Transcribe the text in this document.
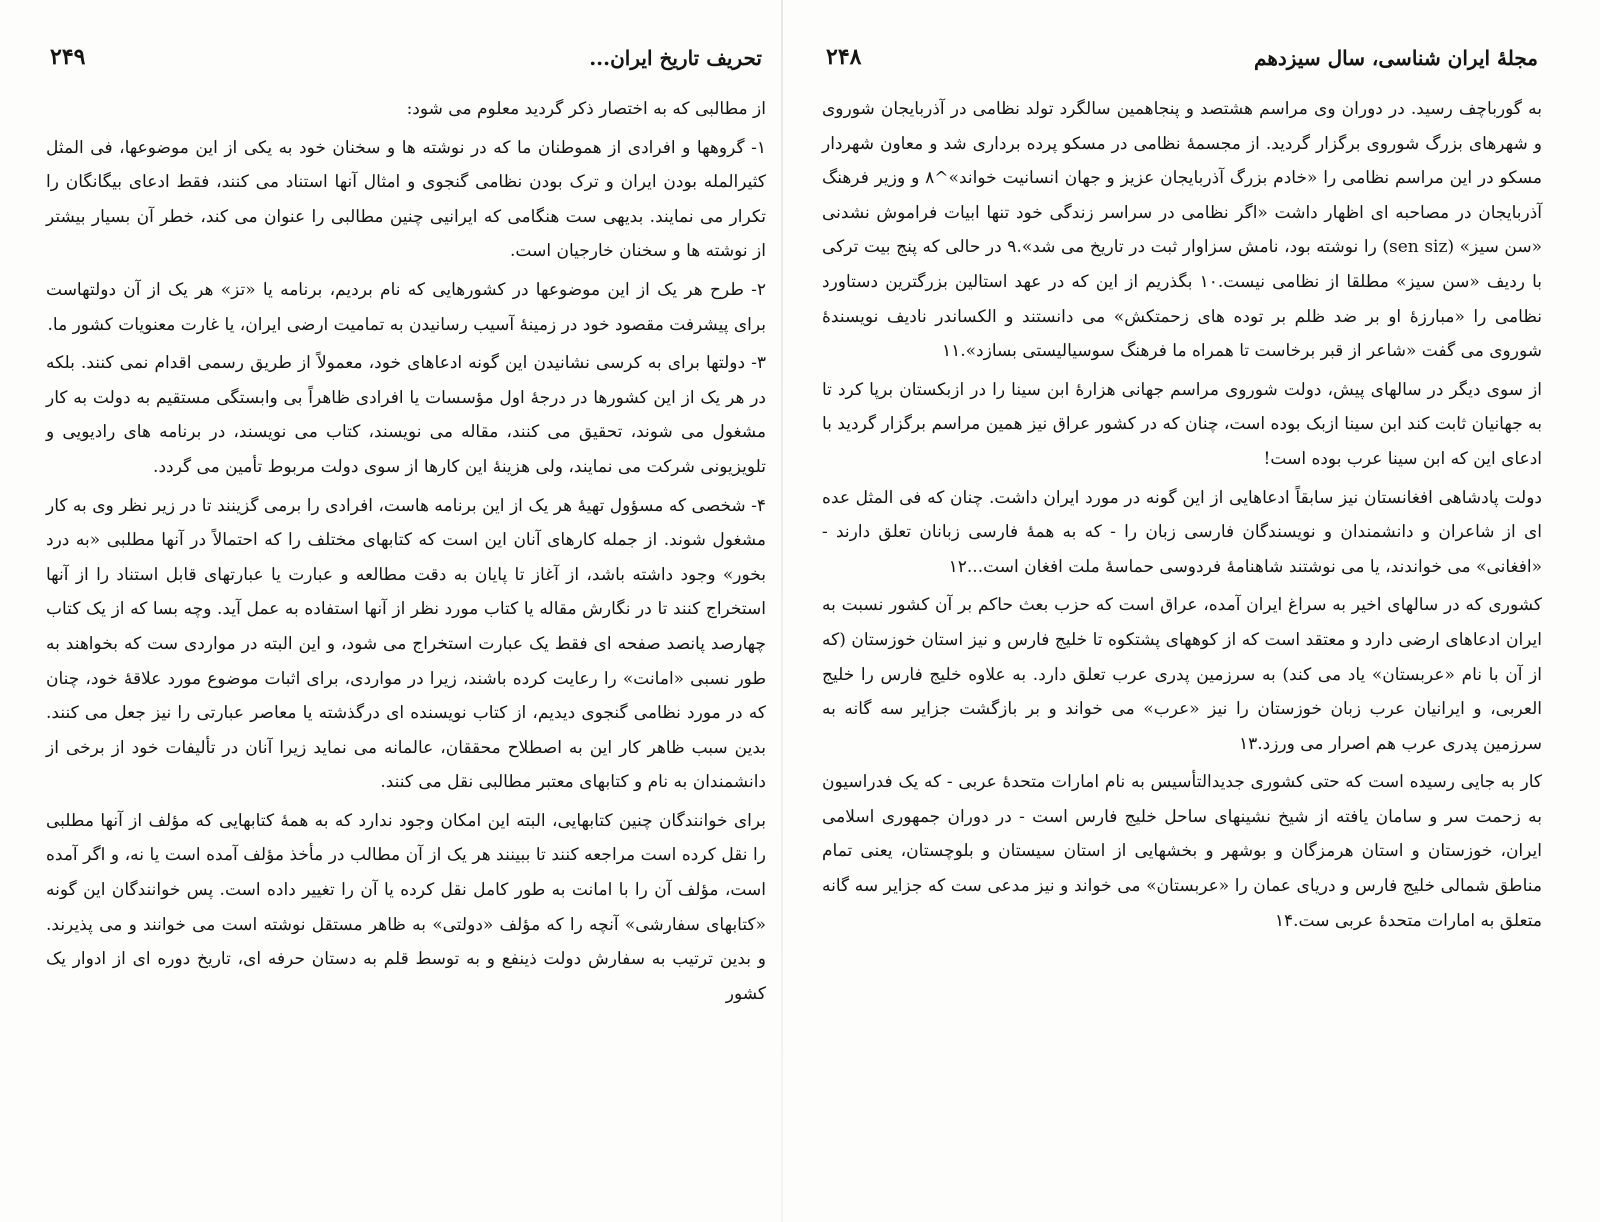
تحریف تاریخ ایران...
۲۴۹

از مطالبی که به اختصار ذکر گردید معلوم می شود:

۱- گروهها و افرادی از هموطنان ما که در نوشته ها و سخنان خود به یکی از این موضوعها، فی المثل کثیرالمله بودن ایران و ترک بودن نظامی گنجوی و امثال آنها استناد می کنند، فقط ادعای بیگانگان را تکرار می نمایند. بدیهی ست هنگامی که ایرانیی چنین مطالبی را عنوان می کند، خطر آن بسیار بیشتر از نوشته ها و سخنان خارجیان است.

۲- طرح هر یک از این موضوعها در کشورهایی که نام بردیم، برنامه یا «تز» هر یک از آن دولتهاست برای پیشرفت مقصود خود در زمینهٔ آسیب رسانیدن به تمامیت ارضی ایران، یا غارت معنویات کشور ما.

۳- دولتها برای به کرسی نشانیدن این گونه ادعاهای خود، معمولاً از طریق رسمی اقدام نمی کنند. بلکه در هر یک از این کشورها در درجهٔ اول مؤسسات یا افرادی ظاهراً بی وابستگی مستقیم به دولت به کار مشغول می شوند، تحقیق می کنند، مقاله می نویسند، کتاب می نویسند، در برنامه های رادیویی و تلویزیونی شرکت می نمایند، ولی هزینهٔ این کارها از سوی دولت مربوط تأمین می گردد.

۴- شخصی که مسؤول تهیهٔ هر یک از این برنامه هاست، افرادی را برمی گزینند تا در زیر نظر وی به کار مشغول شوند. از جمله کارهای آنان این است که کتابهای مختلف را که احتمالاً در آنها مطلبی «به درد بخور» وجود داشته باشد، از آغاز تا پایان به دقت مطالعه و عبارت یا عبارتهای قابل استناد را از آنها استخراج کنند تا در نگارش مقاله یا کتاب مورد نظر از آنها استفاده به عمل آید. وچه بسا که از یک کتاب چهارصد پانصد صفحه ای فقط یک عبارت استخراج می شود، و این البته در مواردی ست که بخواهند به طور نسبی «امانت» را رعایت کرده باشند، زیرا در مواردی، برای اثبات موضوع مورد علاقهٔ خود، چنان که در مورد نظامی گنجوی دیدیم، از کتاب نویسنده ای درگذشته یا معاصر عبارتی را نیز جعل می کنند. بدین سبب ظاهر کار این به اصطلاح محققان، عالمانه می نماید زیرا آنان در تألیفات خود از برخی از دانشمندان به نام و کتابهای معتبر مطالبی نقل می کنند.

برای خوانندگان چنین کتابهایی، البته این امکان وجود ندارد که به همهٔ کتابهایی که مؤلف از آنها مطلبی را نقل کرده است مراجعه کنند تا ببینند هر یک از آن مطالب در مأخذ مؤلف آمده است یا نه، و اگر آمده است، مؤلف آن را با امانت به طور کامل نقل کرده یا آن را تغییر داده است. پس خوانندگان این گونه «کتابهای سفارشی» آنچه را که مؤلف «دولتی» به ظاهر مستقل نوشته است می خوانند و می پذیرند. و بدین ترتیب به سفارش دولت ذینفع و به توسط قلم به دستان حرفه ای، تاریخ دوره ای از ادوار یک کشور

مجلهٔ ایران شناسی، سال سیزدهم
۲۴۸

به گورباچف رسید. در دوران وی مراسم هشتصد و پنجاهمین سالگرد تولد نظامی در آذربایجان شوروی و شهرهای بزرگ شوروی برگزار گردید. از مجسمهٔ نظامی در مسکو پرده برداری شد و معاون شهردار مسکو در این مراسم نظامی را «خادم بزرگ آذربایجان عزیز و جهان انسانیت خواند»^۸ و وزیر فرهنگ آذربایجان در مصاحبه ای اظهار داشت «اگر نظامی در سراسر زندگی خود تنها ابیات فراموش نشدنی «سن سیز» (sen siz) را نوشته بود، نامش سزاوار ثبت در تاریخ می شد».۹ در حالی که پنج بیت ترکی با ردیف «سن سیز» مطلقا از نظامی نیست.۱۰ بگذریم از این که در عهد استالین بزرگترین دستاورد نظامی را «مبارزهٔ او بر ضد ظلم بر توده های زحمتکش» می دانستند و الکساندر نادیف نویسندهٔ شوروی می گفت «شاعر از قبر برخاست تا همراه ما فرهنگ سوسیالیستی بسازد».۱۱

از سوی دیگر در سالهای پیش، دولت شوروی مراسم جهانی هزارهٔ ابن سینا را در ازبکستان برپا کرد تا به جهانیان ثابت کند ابن سینا ازبک بوده است، چنان که در کشور عراق نیز همین مراسم برگزار گردید با ادعای این که ابن سینا عرب بوده است!

دولت پادشاهی افغانستان نیز سابقاً ادعاهایی از این گونه در مورد ایران داشت. چنان که فی المثل عده ای از شاعران و دانشمندان و نویسندگان فارسی زبان را - که به همهٔ فارسی زبانان تعلق دارند - «افغانی» می خواندند، یا می نوشتند شاهنامهٔ فردوسی حماسهٔ ملت افغان است...۱۲

کشوری که در سالهای اخیر به سراغ ایران آمده، عراق است که حزب بعث حاکم بر آن کشور نسبت به ایران ادعاهای ارضی دارد و معتقد است که از کوههای پشتکوه تا خلیج فارس و نیز استان خوزستان (که از آن با نام «عربستان» یاد می کند) به سرزمین پدری عرب تعلق دارد. به علاوه خلیج فارس را خلیج العربی، و ایرانیان عرب زبان خوزستان را نیز «عرب» می خواند و بر بازگشت جزایر سه گانه به سرزمین پدری عرب هم اصرار می ورزد.۱۳

کار به جایی رسیده است که حتی کشوری جدیدالتأسیس به نام امارات متحدهٔ عربی - که یک فدراسیون به زحمت سر و سامان یافته از شیخ نشینهای ساحل خلیج فارس است - در دوران جمهوری اسلامی ایران، خوزستان و استان هرمزگان و بوشهر و بخشهایی از استان سیستان و بلوچستان، یعنی تمام مناطق شمالی خلیج فارس و دریای عمان را «عربستان» می خواند و نیز مدعی ست که جزایر سه گانه متعلق به امارات متحدهٔ عربی ست.۱۴
